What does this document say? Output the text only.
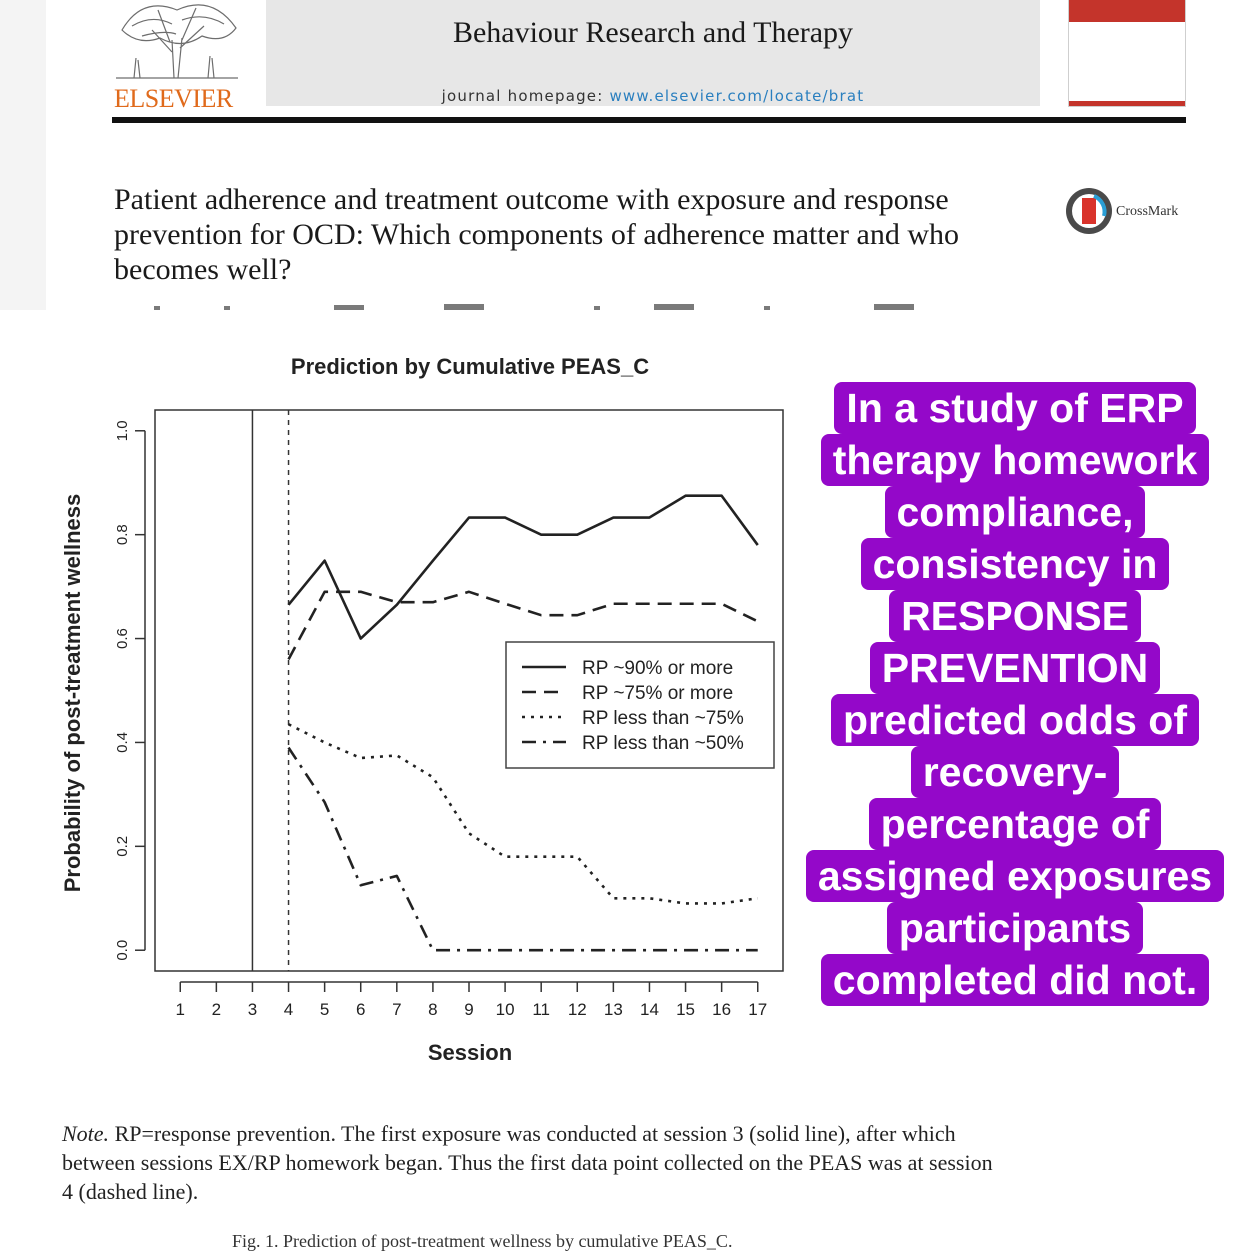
ELSEVIER
Behaviour Research and Therapy
journal homepage: www.elsevier.com/locate/brat
Patient adherence and treatment outcome with exposure and response prevention for OCD: Which components of adherence matter and who becomes well?
CrossMark
Prediction by Cumulative PEAS_C
1 2 3 4 5 6 7 8 9 10 11 12 13 14 15 16 17
0.0
0.2
0.4
0.6
0.8
1.0
Session
Probability of post-treatment wellness	RP ~90% or more
RP ~75% or more
RP less than ~75%
RP less than ~50%

Note. RP=response prevention. The first exposure was conducted at session 3 (solid line), after which between sessions EX/RP homework began. Thus the first data point collected on the PEAS was at session 4 (dashed line).

Fig. 1. Prediction of post-treatment wellness by cumulative PEAS_C.
In a study of ERP
therapy homework
compliance,
consistency in
RESPONSE
PREVENTION
predicted odds of
recovery-
percentage of
assigned exposures
participants
completed did not.
